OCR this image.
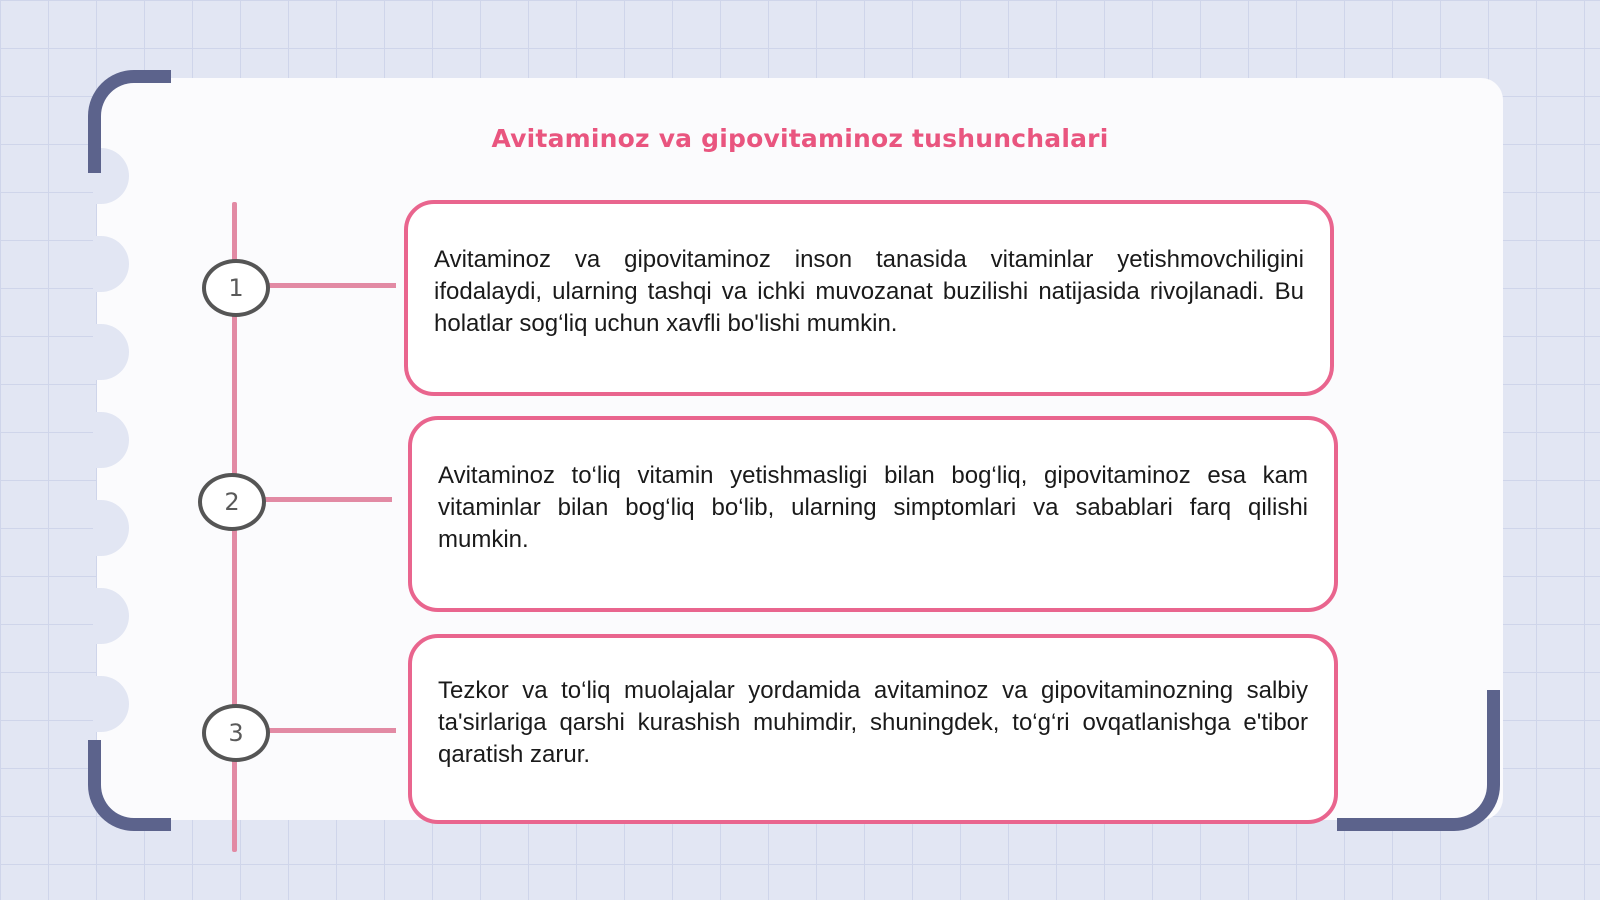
Avitaminoz va gipovitaminoz tushunchalari
1
2
3
Avitaminoz va gipovitaminoz inson tanasida vitaminlar yetishmovchiligini ifodalaydi, ularning tashqi va ichki muvozanat buzilishi natijasida rivojlanadi. Bu holatlar sog‘liq uchun xavfli bo'lishi mumkin.
Avitaminoz to‘liq vitamin yetishmasligi bilan bog‘liq, gipovitaminoz esa kam vitaminlar bilan bog‘liq bo‘lib, ularning simptomlari va sabablari farq qilishi mumkin.
Tezkor va to‘liq muolajalar yordamida avitaminoz va gipovitaminozning salbiy ta'sirlariga qarshi kurashish muhimdir, shuningdek, to‘g‘ri ovqatlanishga e'tibor qaratish zarur.
